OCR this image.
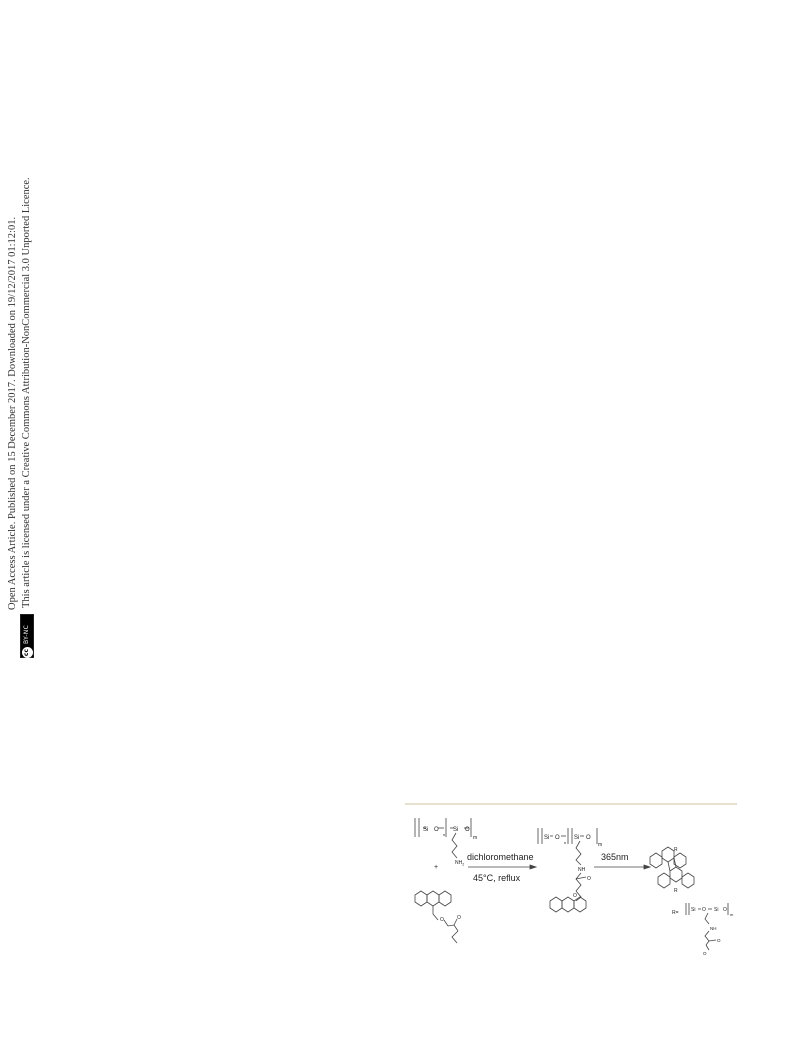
Open Access Article. Published on 15 December 2017. Downloaded on 19/12/2017 01:12:01.
cc
BY-NC
This article is licensed under a Creative Commons Attribution-NonCommercial 3.0 Unported Licence.
Si O Si O
n
m
$NH_2$
+
O	O
dichloromethane
45°C, reflux
Si O Si O
n	m
NH
O
O
365nm
R
R
R= Si O Si O
m
NH
O
O
